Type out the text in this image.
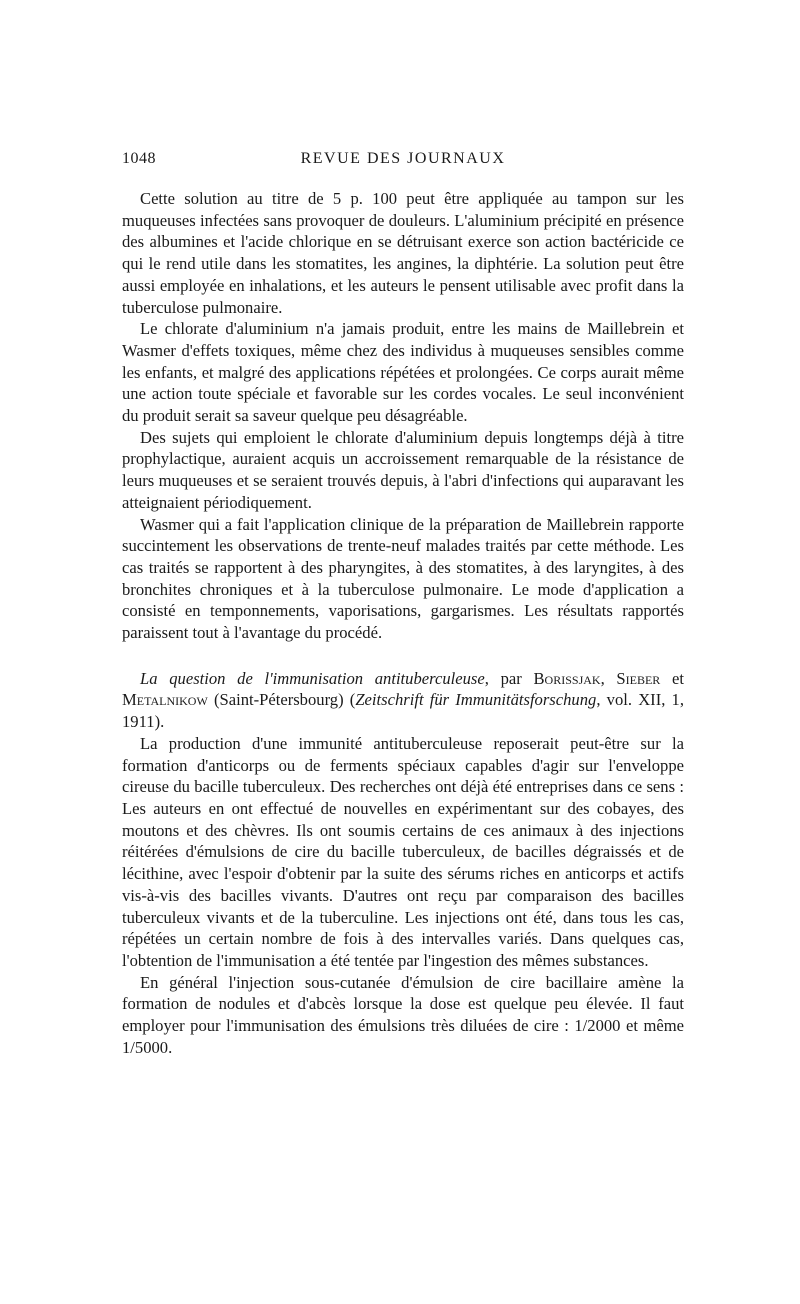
1048	REVUE DES JOURNAUX

Cette solution au titre de 5 p. 100 peut être appliquée au tampon sur les muqueuses infectées sans provoquer de douleurs. L'aluminium précipité en présence des albumines et l'acide chlorique en se détruisant exerce son action bactéricide ce qui le rend utile dans les stomatites, les angines, la diphtérie. La solution peut être aussi employée en inhalations, et les auteurs le pensent utilisable avec profit dans la tuberculose pulmonaire.

Le chlorate d'aluminium n'a jamais produit, entre les mains de Maillebrein et Wasmer d'effets toxiques, même chez des individus à muqueuses sensibles comme les enfants, et malgré des applications répétées et prolongées. Ce corps aurait même une action toute spéciale et favorable sur les cordes vocales. Le seul inconvénient du produit serait sa saveur quelque peu désagréable.

Des sujets qui emploient le chlorate d'aluminium depuis longtemps déjà à titre prophylactique, auraient acquis un accroissement remarquable de la résistance de leurs muqueuses et se seraient trouvés depuis, à l'abri d'infections qui auparavant les atteignaient périodiquement.

Wasmer qui a fait l'application clinique de la préparation de Maillebrein rapporte succintement les observations de trente-neuf malades traités par cette méthode. Les cas traités se rapportent à des pharyngites, à des stomatites, à des laryngites, à des bronchites chroniques et à la tuberculose pulmonaire. Le mode d'application a consisté en temponnements, vaporisations, gargarismes. Les résultats rapportés paraissent tout à l'avantage du procédé.

La question de l'immunisation antituberculeuse, par Borissjak, Sieber et Metalnikow (Saint-Pétersbourg) (Zeitschrift für Immunitätsforschung, vol. XII, 1, 1911).

La production d'une immunité antituberculeuse reposerait peut-être sur la formation d'anticorps ou de ferments spéciaux capables d'agir sur l'enveloppe cireuse du bacille tuberculeux. Des recherches ont déjà été entreprises dans ce sens : Les auteurs en ont effectué de nouvelles en expérimentant sur des cobayes, des moutons et des chèvres. Ils ont soumis certains de ces animaux à des injections réitérées d'émulsions de cire du bacille tuberculeux, de bacilles dégraissés et de lécithine, avec l'espoir d'obtenir par la suite des sérums riches en anticorps et actifs vis-à-vis des bacilles vivants. D'autres ont reçu par comparaison des bacilles tuberculeux vivants et de la tuberculine. Les injections ont été, dans tous les cas, répétées un certain nombre de fois à des intervalles variés. Dans quelques cas, l'obtention de l'immunisation a été tentée par l'ingestion des mêmes substances.

En général l'injection sous-cutanée d'émulsion de cire bacillaire amène la formation de nodules et d'abcès lorsque la dose est quelque peu élevée. Il faut employer pour l'immunisation des émulsions très diluées de cire : 1/2000 et même 1/5000.
